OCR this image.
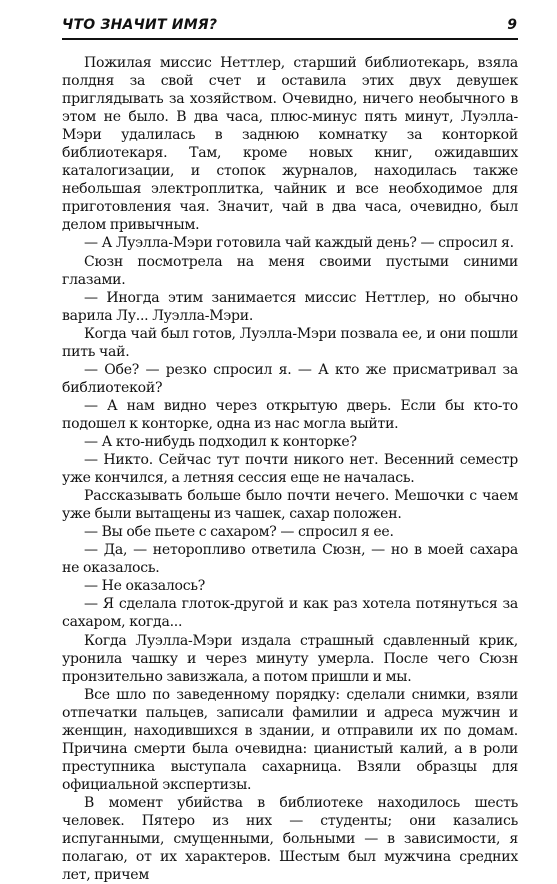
ЧТО ЗНАЧИТ ИМЯ?	9

Пожилая миссис Неттлер, старший библиотекарь, взяла полдня за свой счет и оставила этих двух девушек приглядывать за хозяйством. Очевидно, ничего необычного в этом не было. В два часа, плюс-минус пять минут, Луэлла-Мэри удалилась в заднюю комнатку за конторкой библиотекаря. Там, кроме новых книг, ожидавших каталогизации, и стопок журналов, находилась также небольшая электроплитка, чайник и все необходимое для приготовления чая. Значит, чай в два часа, очевидно, был делом привычным.

— А Луэлла-Мэри готовила чай каждый день? — спросил я.

Сюзн посмотрела на меня своими пустыми синими глазами.

— Иногда этим занимается миссис Неттлер, но обычно варила Лу... Луэлла-Мэри.

Когда чай был готов, Луэлла-Мэри позвала ее, и они пошли пить чай.

— Обе? — резко спросил я. — А кто же присматривал за библиотекой?

— А нам видно через открытую дверь. Если бы кто-то подошел к конторке, одна из нас могла выйти.

— А кто-нибудь подходил к конторке?

— Никто. Сейчас тут почти никого нет. Весенний семестр уже кончился, а летняя сессия еще не началась.

Рассказывать больше было почти нечего. Мешочки с чаем уже были вытащены из чашек, сахар положен.

— Вы обе пьете с сахаром? — спросил я ее.

— Да, — неторопливо ответила Сюзн, — но в моей сахара не оказалось.

— Не оказалось?

— Я сделала глоток-другой и как раз хотела потянуться за сахаром, когда...

Когда Луэлла-Мэри издала страшный сдавленный крик, уронила чашку и через минуту умерла. После чего Сюзн пронзительно завизжала, а потом пришли и мы.

Все шло по заведенному порядку: сделали снимки, взяли отпечатки пальцев, записали фамилии и адреса мужчин и женщин, находившихся в здании, и отправили их по домам. Причина смерти была очевидна: цианистый калий, а в роли преступника выступала сахарница. Взяли образцы для официальной экспертизы.

В момент убийства в библиотеке находилось шесть человек. Пятеро из них — студенты; они казались испуганными, смущенными, больными — в зависимости, я полагаю, от их характеров. Шестым был мужчина средних лет, причем
